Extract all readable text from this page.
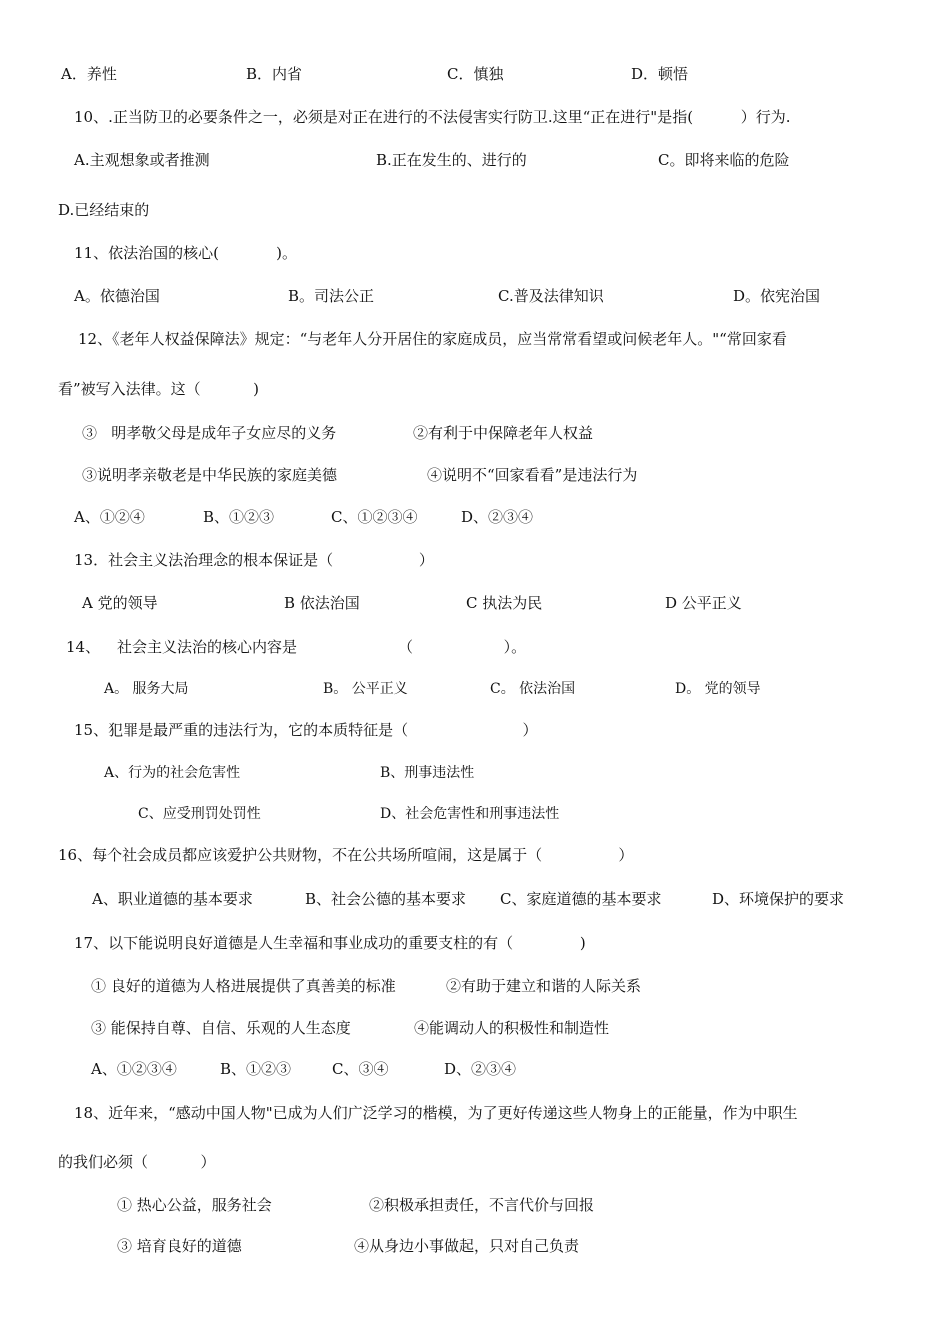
A．养性	B．内省	C．慎独	D．顿悟
10、.正当防卫的必要条件之一，必须是对正在进行的不法侵害实行防卫.这里“正在进行"是指(          ）行为.
A.主观想象或者推测	B.正在发生的、进行的	C。即将来临的危险
D.已经结束的
11、依法治国的核心(            )。
A。依德治国	B。司法公正	C.普及法律知识	D。依宪治国
12、《老年人权益保障法》规定：“与老年人分开居住的家庭成员，应当常常看望或问候老年人。"“常回家看
看”被写入法律。这（           )
③   明孝敬父母是成年子女应尽的义务	②有利于中保障老年人权益
③说明孝亲敬老是中华民族的家庭美德	④说明不“回家看看”是违法行为
A、①②④	B、①②③	C、①②③④	D、②③④
13．社会主义法治理念的根本保证是（                  ）
A 党的领导	B 依法治国	C 执法为民	D 公平正义
14、 社会主义法治的核心内容是	（                   ）。
A。 服务大局	B。 公平正义	C。 依法治国	D。 党的领导
15、犯罪是最严重的违法行为，它的本质特征是（                        ）
A、行为的社会危害性	B、刑事违法性
C、应受刑罚处罚性	D、社会危害性和刑事违法性
16、每个社会成员都应该爱护公共财物，不在公共场所喧闹，这是属于（                ）
A、职业道德的基本要求	B、社会公德的基本要求 C、家庭道德的基本要求	D、环境保护的要求
17、以下能说明良好道德是人生幸福和事业成功的重要支柱的有（              )
① 良好的道德为人格进展提供了真善美的标准	②有助于建立和谐的人际关系
③ 能保持自尊、自信、乐观的人生态度	④能调动人的积极性和制造性
A、①②③④	B、①②③	C、③④	D、②③④
18、近年来，“感动中国人物"已成为人们广泛学习的楷模，为了更好传递这些人物身上的正能量，作为中职生
的我们必须（           ）
① 热心公益，服务社会	②积极承担责任，不言代价与回报
③ 培育良好的道德	④从身边小事做起，只对自己负责
